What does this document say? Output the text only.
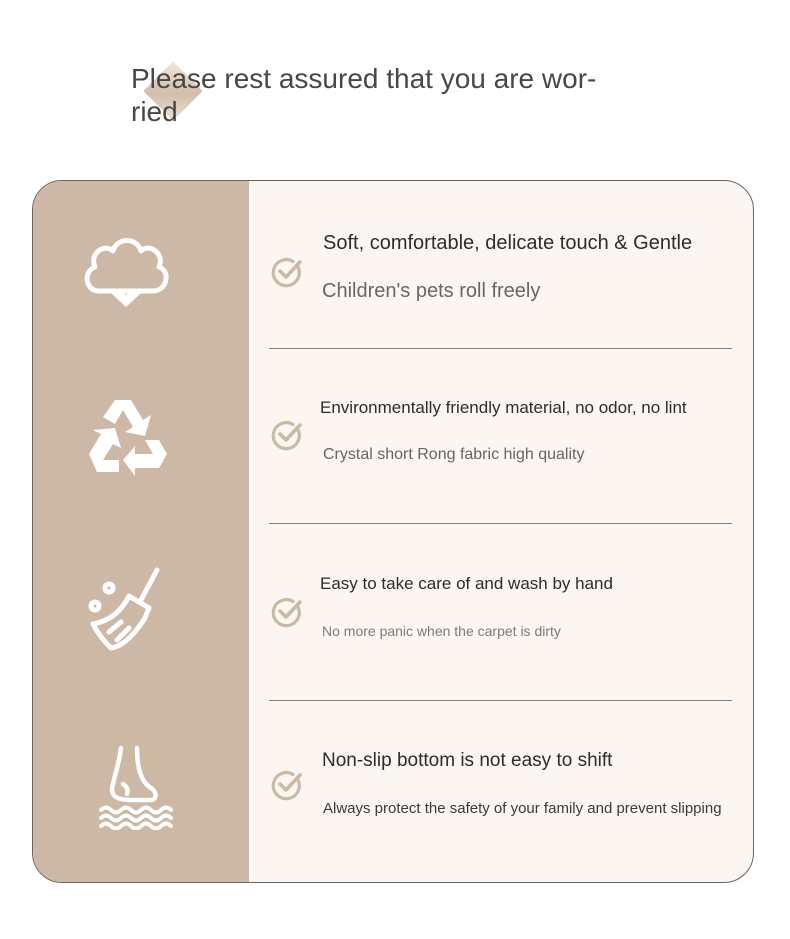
Please rest assured that you are wor- ried
Soft, comfortable, delicate touch & Gentle
Children's pets roll freely
Environmentally friendly material, no odor, no lint
Crystal short Rong fabric high quality
Easy to take care of and wash by hand
No more panic when the carpet is dirty
Non-slip bottom is not easy to shift
Always protect the safety of your family and prevent slipping
